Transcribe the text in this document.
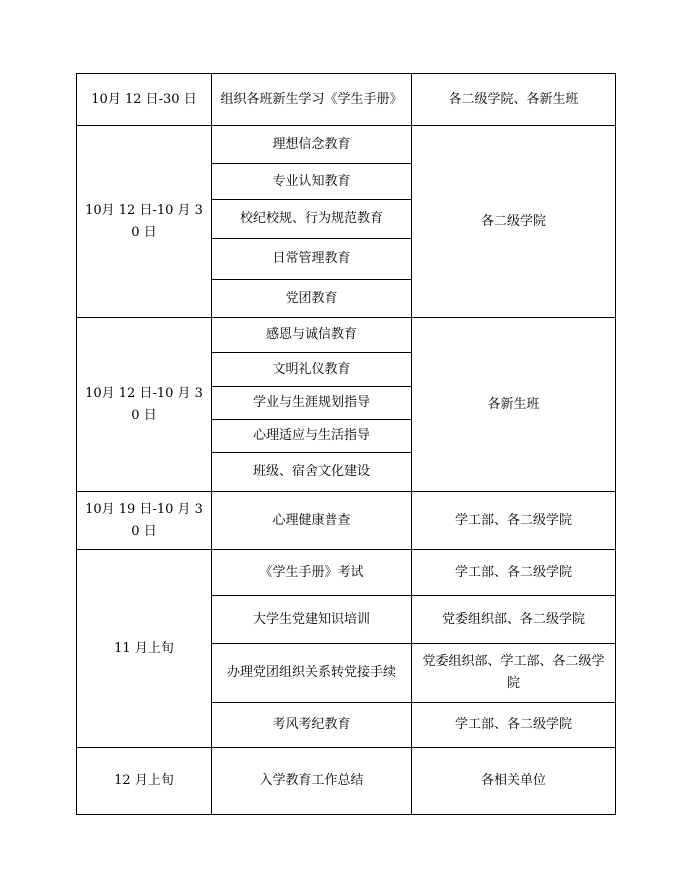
10月 12 日-30 日	组织各班新生学习《学生手册》	各二级学院、各新生班
10月 12 日-10 月 30 日	理想信念教育	各二级学院
	专业认知教育	
	校纪校规、行为规范教育	
	日常管理教育	
	党团教育	
10月 12 日-10 月 30 日	感恩与诚信教育	各新生班
	文明礼仪教育	
	学业与生涯规划指导	
	心理适应与生活指导	
	班级、宿舍文化建设	
10月 19 日-10 月 30 日	心理健康普查	学工部、各二级学院
11 月上旬	《学生手册》考试	学工部、各二级学院
	大学生党建知识培训	党委组织部、各二级学院
	办理党团组织关系转党接手续	党委组织部、学工部、各二级学院
	考风考纪教育	学工部、各二级学院
12 月上旬	入学教育工作总结	各相关单位
